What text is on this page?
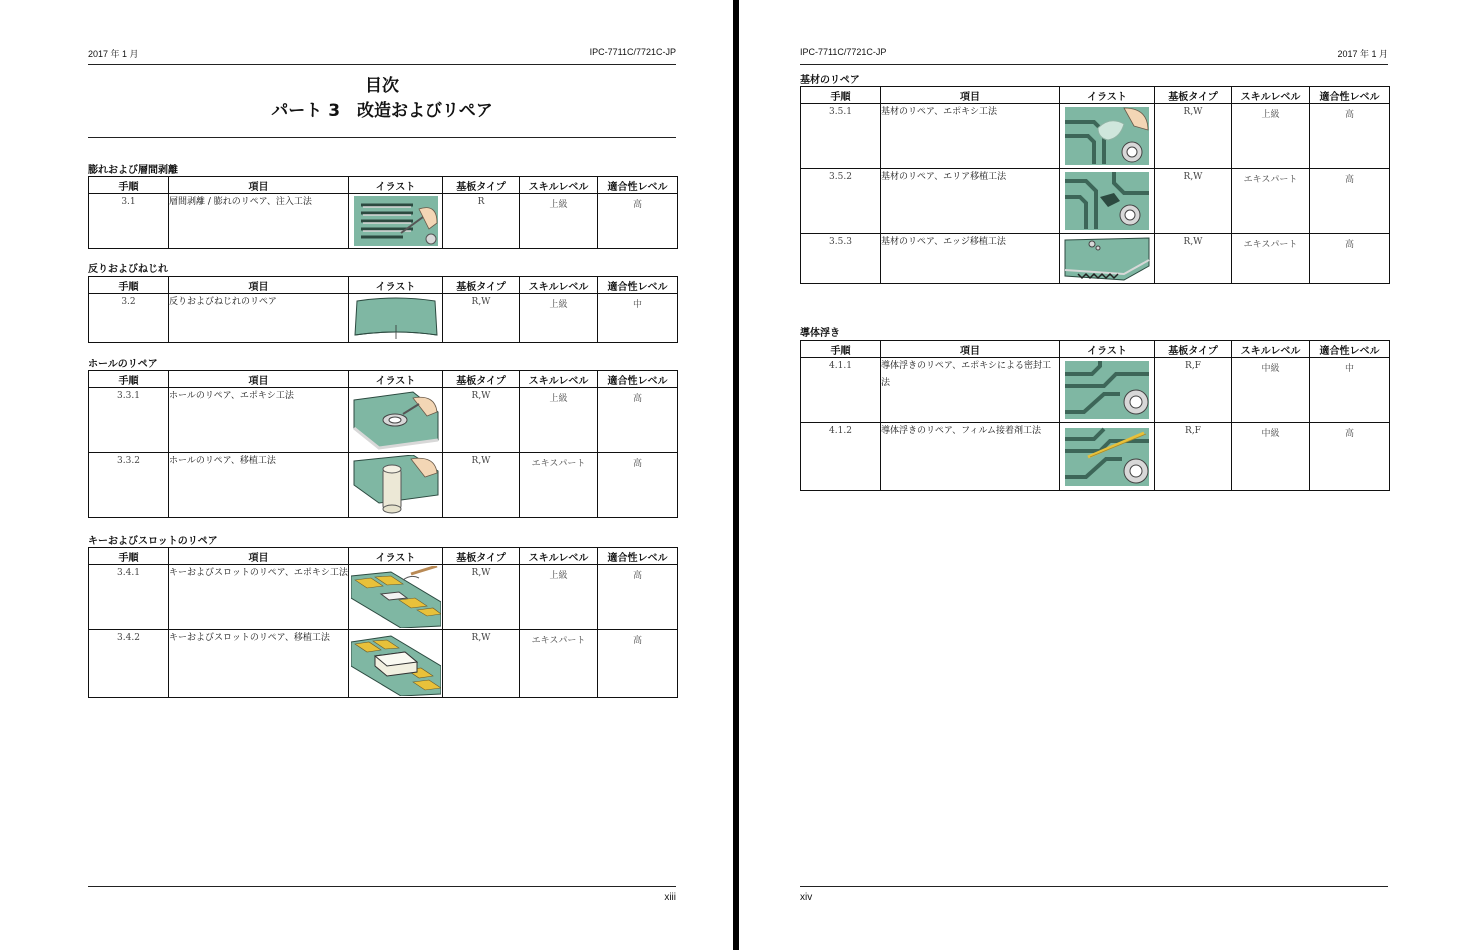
2017 年 1 月	IPC-7711C/7721C-JP
目次
パート 3　改造およびリペア
膨れおよび層間剥離
手順	項目	イラスト	基板タイプ	スキルレベル	適合性レベル
3.1	層間剥離 / 膨れのリペア、注入工法		R	上級	高
反りおよびねじれ
手順	項目	イラスト	基板タイプ	スキルレベル	適合性レベル
3.2	反りおよびねじれのリペア		R,W	上級	中
ホールのリペア
手順	項目	イラスト	基板タイプ	スキルレベル	適合性レベル
3.3.1	ホールのリペア、エポキシ工法		R,W	上級	高
3.3.2	ホールのリペア、移植工法		R,W	エキスパート	高
キーおよびスロットのリペア
手順	項目	イラスト	基板タイプ	スキルレベル	適合性レベル
3.4.1	キーおよびスロットのリペア、エポキシ工法		R,W	上級	高
3.4.2	キーおよびスロットのリペア、移植工法		R,W	エキスパート	高
xiii
IPC-7711C/7721C-JP	2017 年 1 月
基材のリペア
手順	項目	イラスト	基板タイプ	スキルレベル	適合性レベル
3.5.1	基材のリペア、エポキシ工法		R,W	上級	高
3.5.2	基材のリペア、エリア移植工法		R,W	エキスパート	高
3.5.3	基材のリペア、エッジ移植工法		R,W	エキスパート	高
導体浮き
手順	項目	イラスト	基板タイプ	スキルレベル	適合性レベル
4.1.1	導体浮きのリペア、エポキシによる密封工法		R,F	中級	中
4.1.2	導体浮きのリペア、フィルム接着剤工法		R,F	中級	高
xiv
